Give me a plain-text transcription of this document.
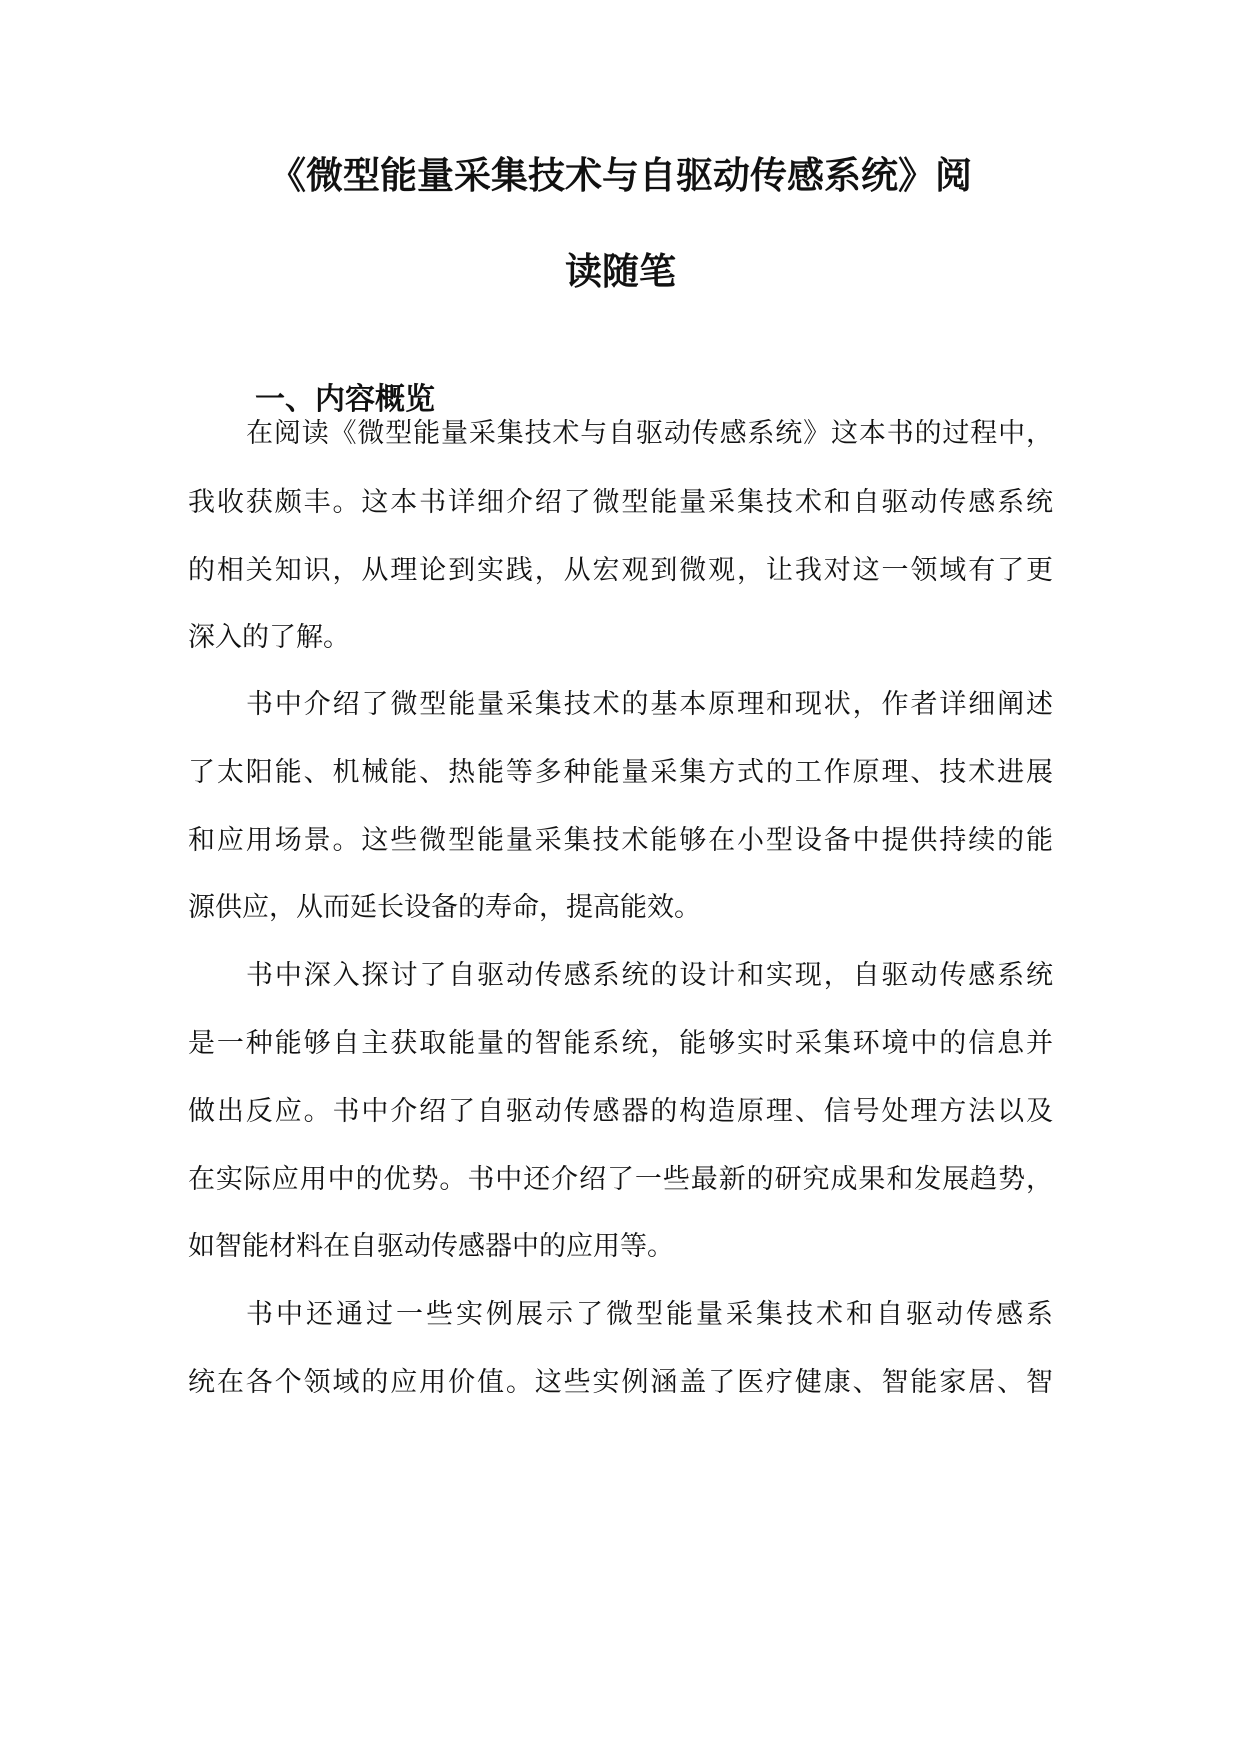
《微型能量采集技术与自驱动传感系统》阅
读随笔
一、内容概览

在阅读《微型能量采集技术与自驱动传感系统》这本书的过程中，

我收获颇丰。这本书详细介绍了微型能量采集技术和自驱动传感系统

的相关知识，从理论到实践，从宏观到微观，让我对这一领域有了更

深入的了解。

书中介绍了微型能量采集技术的基本原理和现状，作者详细阐述

了太阳能、机械能、热能等多种能量采集方式的工作原理、技术进展

和应用场景。这些微型能量采集技术能够在小型设备中提供持续的能

源供应，从而延长设备的寿命，提高能效。

书中深入探讨了自驱动传感系统的设计和实现，自驱动传感系统

是一种能够自主获取能量的智能系统，能够实时采集环境中的信息并

做出反应。书中介绍了自驱动传感器的构造原理、信号处理方法以及

在实际应用中的优势。书中还介绍了一些最新的研究成果和发展趋势，

如智能材料在自驱动传感器中的应用等。

书中还通过一些实例展示了微型能量采集技术和自驱动传感系

统在各个领域的应用价值。这些实例涵盖了医疗健康、智能家居、智
